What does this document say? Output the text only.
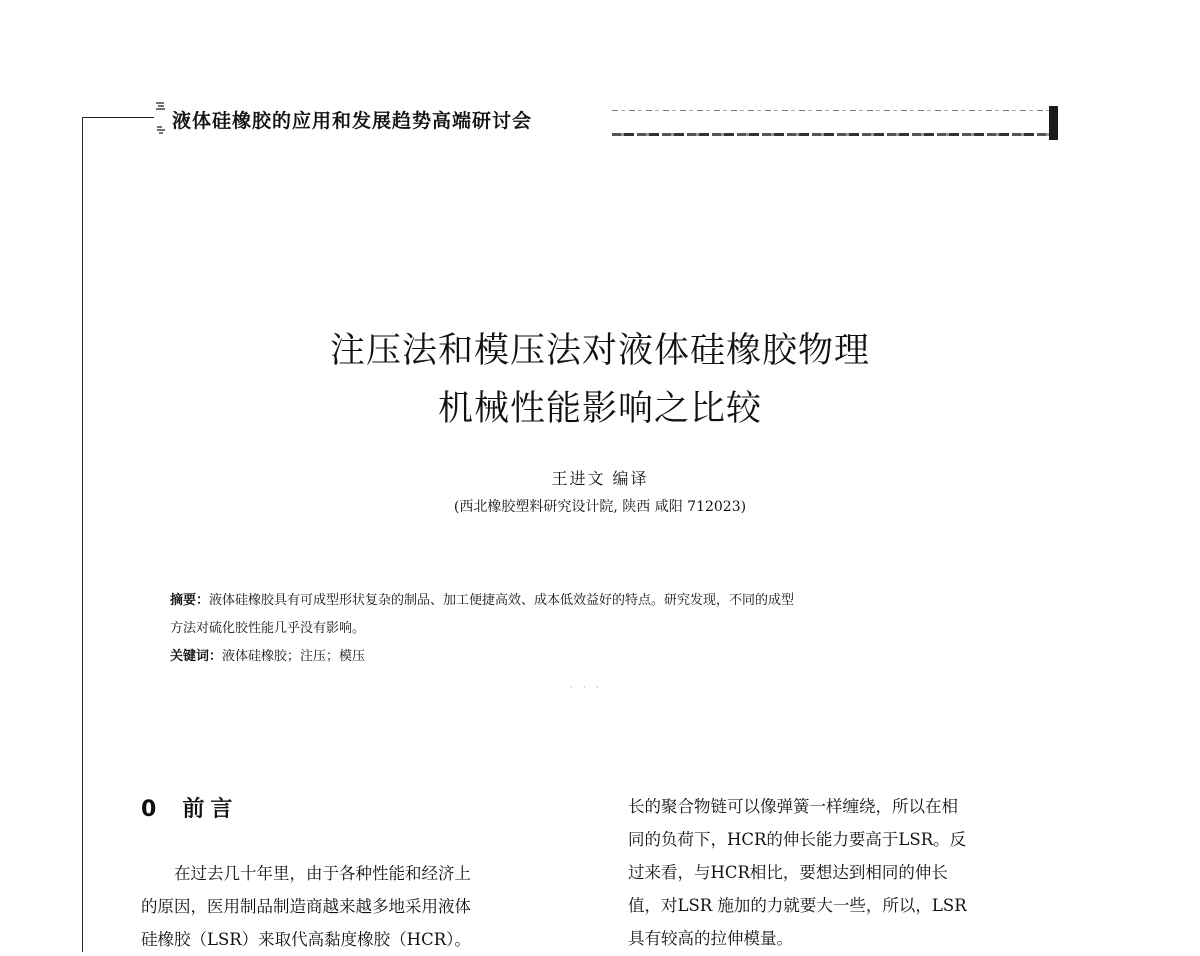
液体硅橡胶的应用和发展趋势高端研讨会
注压法和模压法对液体硅橡胶物理
机械性能影响之比较
王进文 编译
(西北橡胶塑料研究设计院, 陕西 咸阳 712023)

摘要：液体硅橡胶具有可成型形状复杂的制品、加工便捷高效、成本低效益好的特点。研究发现，不同的成型

方法对硫化胶性能几乎没有影响。

关键词：液体硅橡胶；注压；模压

· · ·
0 前言

在过去几十年里，由于各种性能和经济上
的原因，医用制品制造商越来越多地采用液体
硅橡胶（LSR）来取代高黏度橡胶（HCR）。

长的聚合物链可以像弹簧一样缠绕，所以在相
同的负荷下，HCR的伸长能力要高于LSR。反
过来看，与HCR相比，要想达到相同的伸长
值，对LSR 施加的力就要大一些，所以，LSR
具有较高的拉伸模量。
